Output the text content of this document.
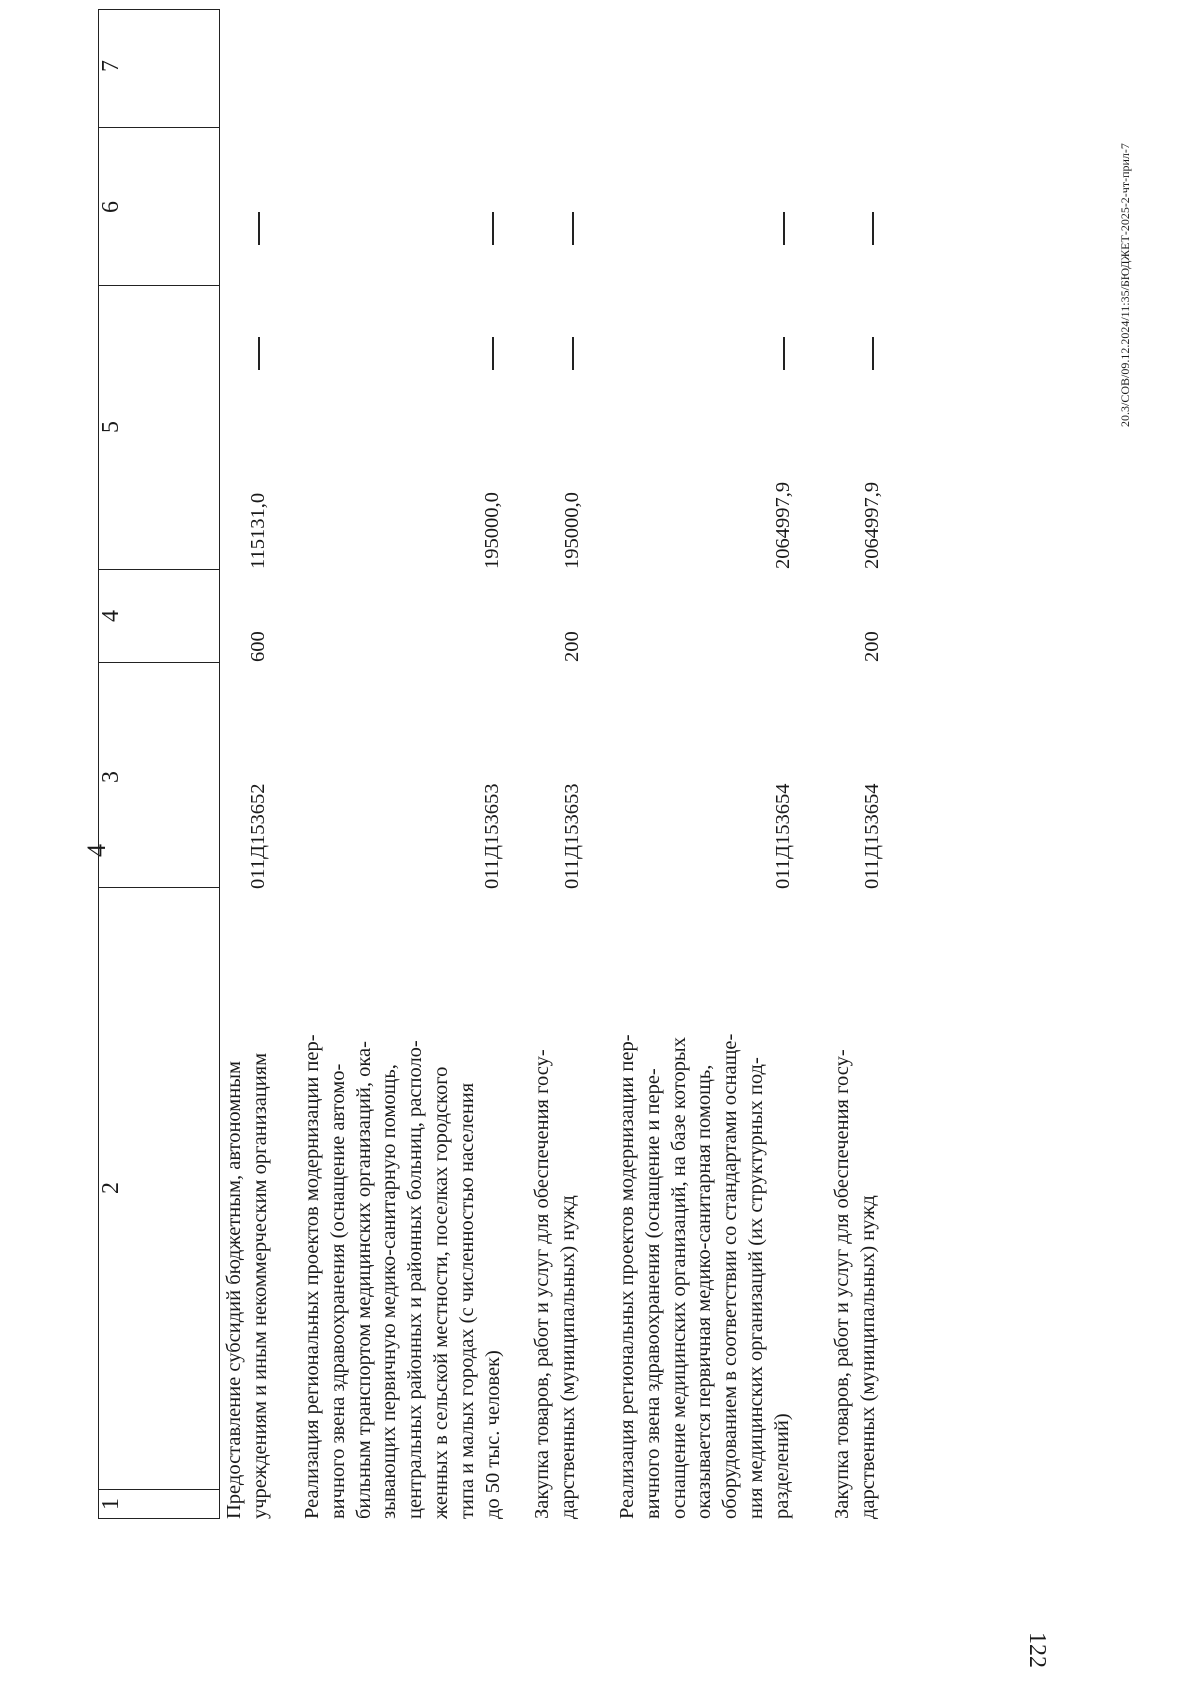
4
1
2
3
4
5
6
7
Предоставление субсидий бюджетным, автономным учреждениям и иным некоммерческим организациям
011Д153652
600
115131,0
Реализация региональных проектов модернизации пер- вичного звена здравоохранения (оснащение автомо- бильным транспортом медицинских организаций, ока- зывающих первичную медико-санитарную помощь, центральных районных и районных больниц, располо- женных в сельской местности, поселках городского типа и малых городах (с численностью населения до 50 тыс. человек)
011Д153653
195000,0
Закупка товаров, работ и услуг для обеспечения госу- дарственных (муниципальных) нужд
011Д153653
200
195000,0
Реализация региональных проектов модернизации пер- вичного звена здравоохранения (оснащение и пере- оснащение медицинских организаций, на базе которых оказывается первичная медико-санитарная помощь, оборудованием в соответствии со стандартами оснаще- ния медицинских организаций (их структурных под- разделений)
011Д153654
2064997,9
Закупка товаров, работ и услуг для обеспечения госу- дарственных (муниципальных) нужд
011Д153654
200
2064997,9
20.3/СОВ/09.12.2024/11:35/БЮДЖЕТ-2025-2-чт-прил-7
122
